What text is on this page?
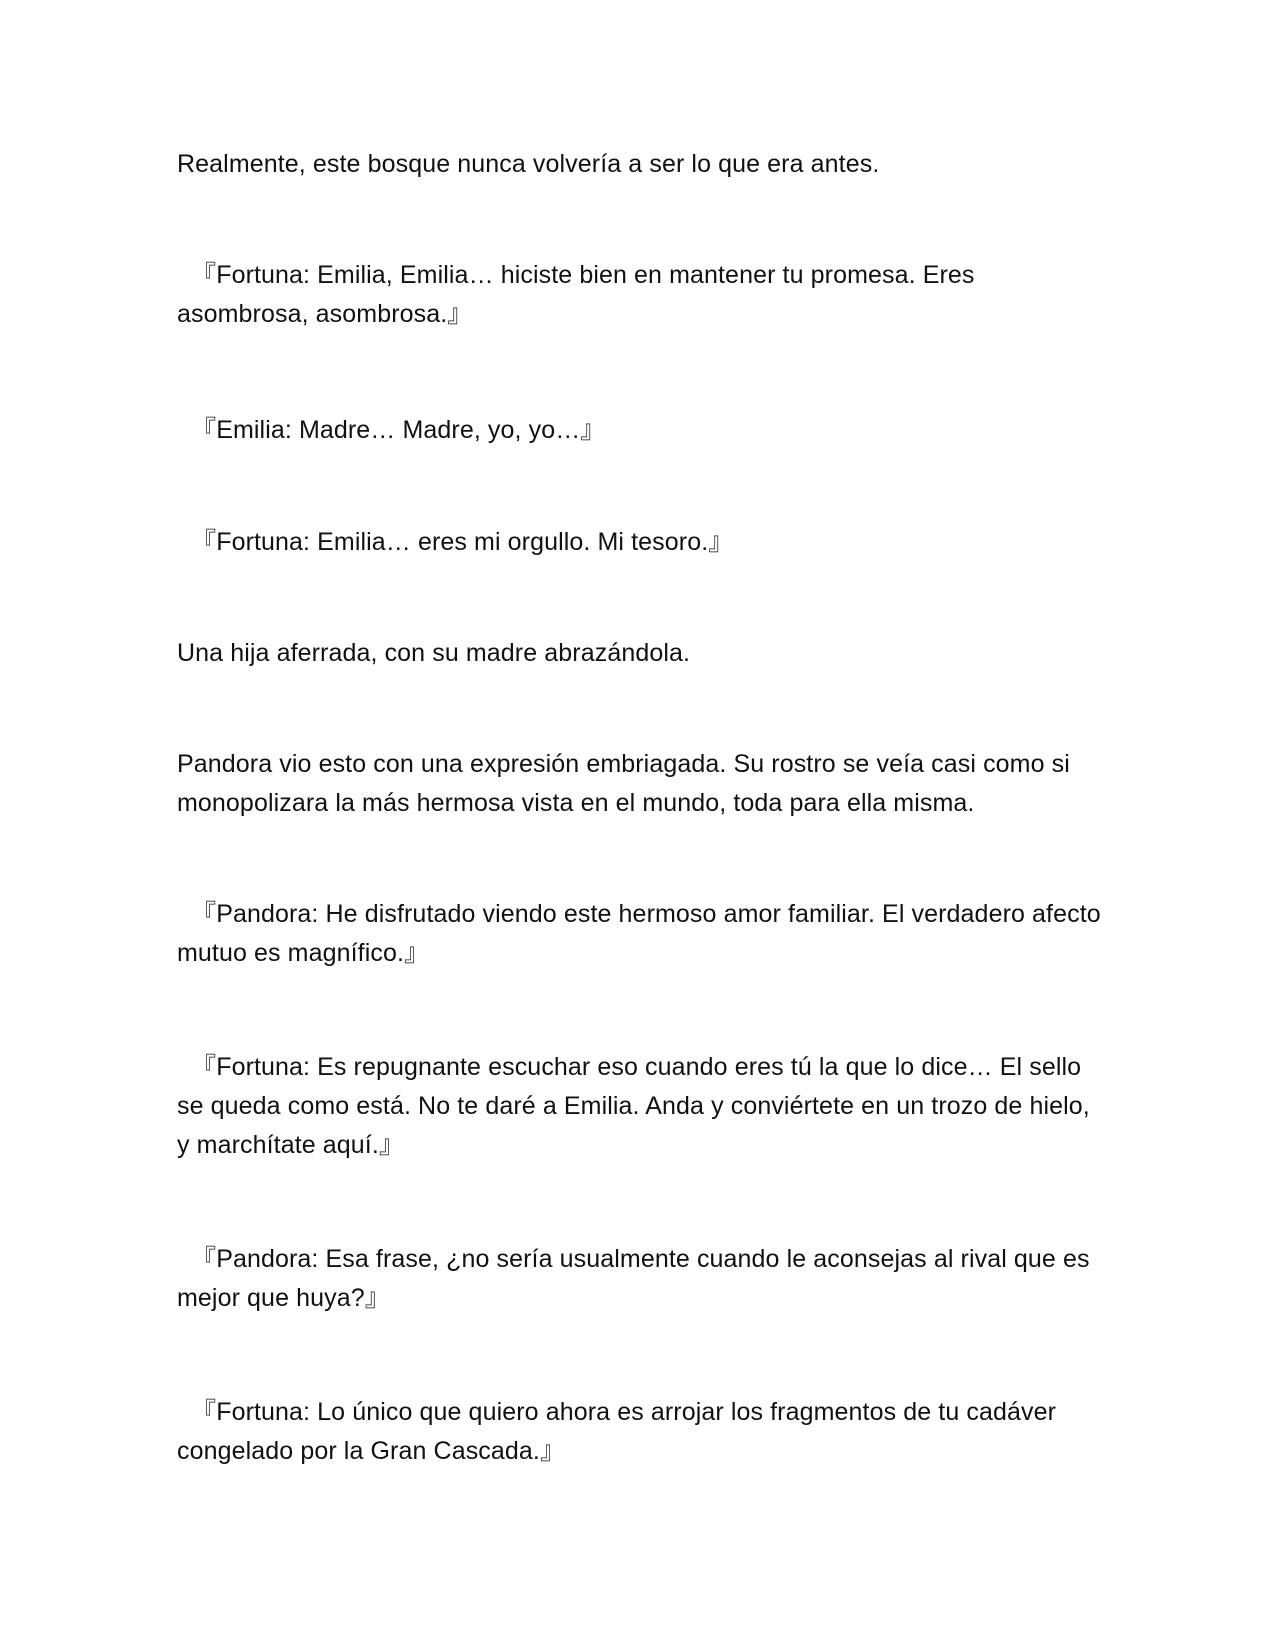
Realmente, este bosque nunca volvería a ser lo que era antes.

『Fortuna: Emilia, Emilia… hiciste bien en mantener tu promesa. Eres asombrosa, asombrosa.』

『Emilia: Madre… Madre, yo, yo…』

『Fortuna: Emilia… eres mi orgullo. Mi tesoro.』

Una hija aferrada, con su madre abrazándola.

Pandora vio esto con una expresión embriagada. Su rostro se veía casi como si monopolizara la más hermosa vista en el mundo, toda para ella misma.

『Pandora: He disfrutado viendo este hermoso amor familiar. El verdadero afecto mutuo es magnífico.』

『Fortuna: Es repugnante escuchar eso cuando eres tú la que lo dice… El sello se queda como está. No te daré a Emilia. Anda y conviértete en un trozo de hielo, y marchítate aquí.』

『Pandora: Esa frase, ¿no sería usualmente cuando le aconsejas al rival que es mejor que huya?』

『Fortuna: Lo único que quiero ahora es arrojar los fragmentos de tu cadáver congelado por la Gran Cascada.』
